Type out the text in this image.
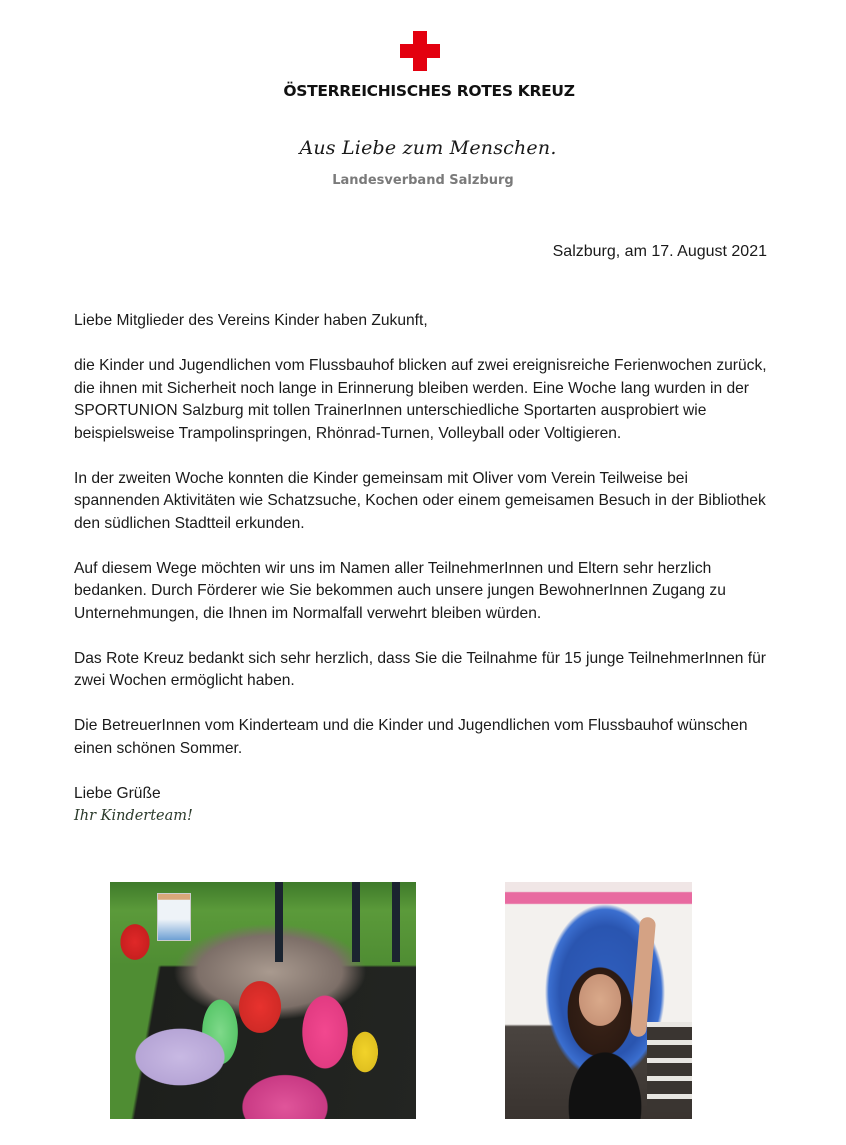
ÖSTERREICHISCHES ROTES KREUZ
Aus Liebe zum Menschen.
Landesverband Salzburg
Salzburg, am 17. August 2021

Liebe Mitglieder des Vereins Kinder haben Zukunft,

die Kinder und Jugendlichen vom Flussbauhof blicken auf zwei ereignisreiche Ferienwochen zurück, die ihnen mit Sicherheit noch lange in Erinnerung bleiben werden. Eine Woche lang wurden in der SPORTUNION Salzburg mit tollen TrainerInnen unterschiedliche Sportarten ausprobiert wie beispielsweise Trampolinspringen, Rhönrad-Turnen, Volleyball oder Voltigieren.

In der zweiten Woche konnten die Kinder gemeinsam mit Oliver vom Verein Teilweise bei spannenden Aktivitäten wie Schatzsuche, Kochen oder einem gemeisamen Besuch in der Bibliothek den südlichen Stadtteil erkunden.

Auf diesem Wege möchten wir uns im Namen aller TeilnehmerInnen und Eltern sehr herzlich bedanken. Durch Förderer wie Sie bekommen auch unsere jungen BewohnerInnen Zugang zu Unternehmungen, die Ihnen im Normalfall verwehrt bleiben würden.

Das Rote Kreuz bedankt sich sehr herzlich, dass Sie die Teilnahme für 15 junge TeilnehmerInnen für zwei Wochen ermöglicht haben.

Die BetreuerInnen vom Kinderteam und die Kinder und Jugendlichen vom Flussbauhof wünschen einen schönen Sommer.

Liebe Grüße
Ihr Kinderteam!
